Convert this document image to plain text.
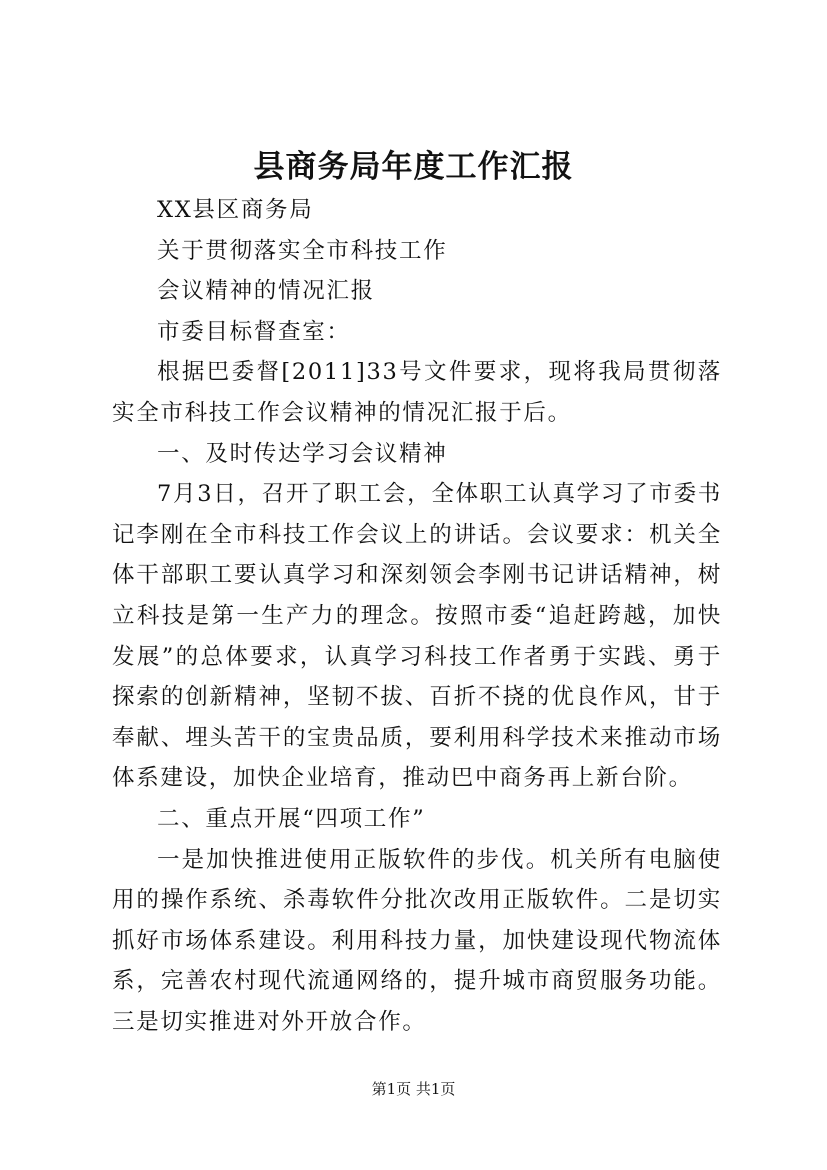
县商务局年度工作汇报

XX县区商务局

关于贯彻落实全市科技工作

会议精神的情况汇报

市委目标督查室：

根据巴委督[2011]33号文件要求，现将我局贯彻落实全市科技工作会议精神的情况汇报于后。

一、及时传达学习会议精神

7月3日，召开了职工会，全体职工认真学习了市委书记李刚在全市科技工作会议上的讲话。会议要求：机关全体干部职工要认真学习和深刻领会李刚书记讲话精神，树立科技是第一生产力的理念。按照市委“追赶跨越，加快发展”的总体要求，认真学习科技工作者勇于实践、勇于探索的创新精神，坚韧不拔、百折不挠的优良作风，甘于奉献、埋头苦干的宝贵品质，要利用科学技术来推动市场体系建设，加快企业培育，推动巴中商务再上新台阶。

二、重点开展“四项工作”

一是加快推进使用正版软件的步伐。机关所有电脑使用的操作系统、杀毒软件分批次改用正版软件。二是切实抓好市场体系建设。利用科技力量，加快建设现代物流体系，完善农村现代流通网络的，提升城市商贸服务功能。三是切实推进对外开放合作。

第1页 共1页
